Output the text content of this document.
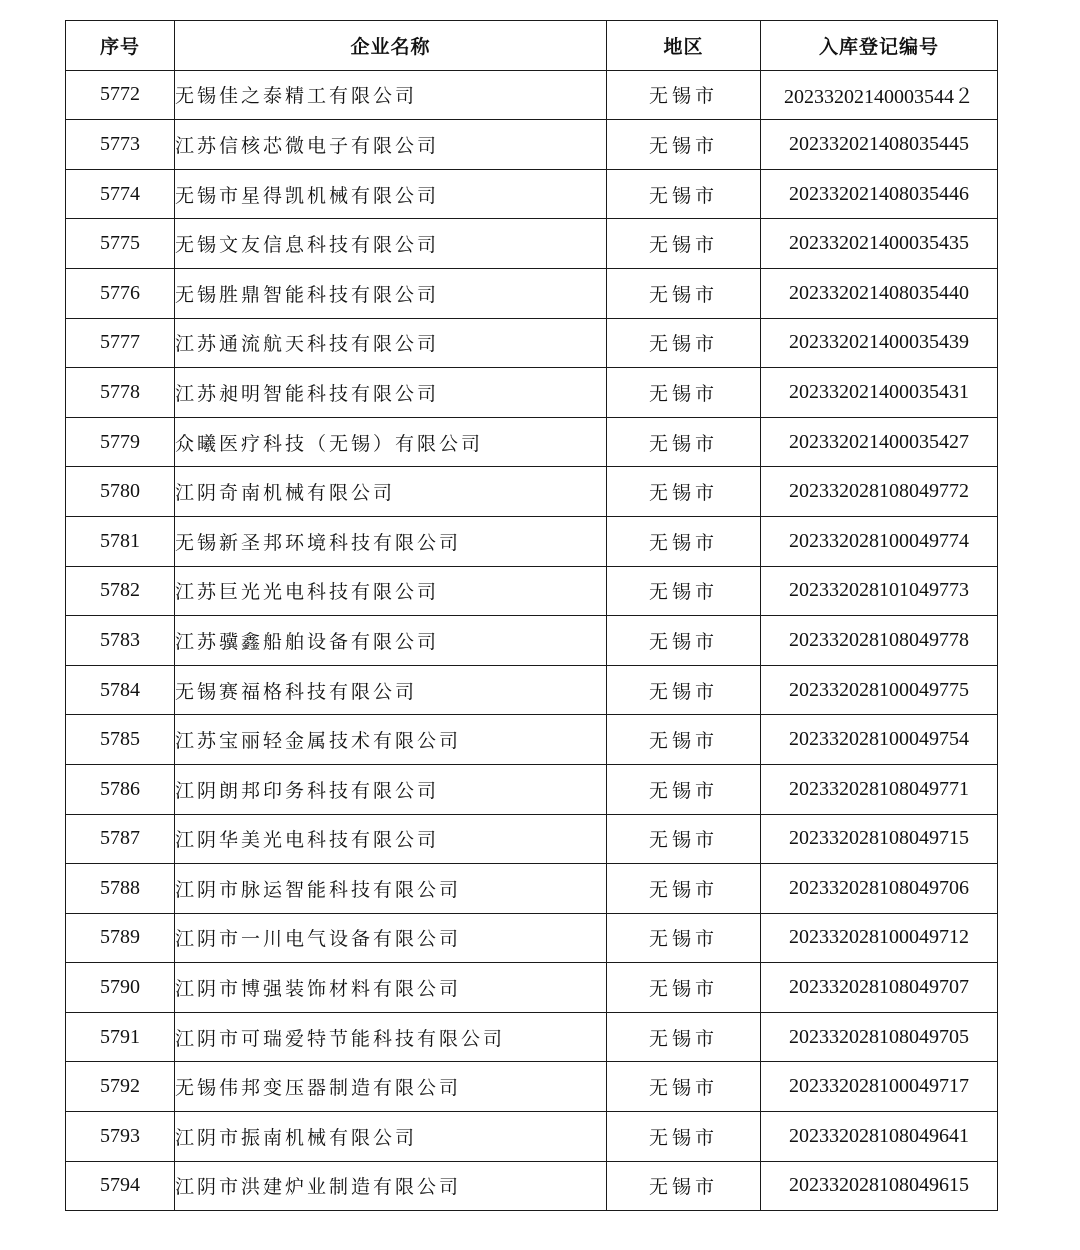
序号	企业名称	地区	入库登记编号
5772	无锡佳之泰精工有限公司	无锡市	20233202140003544２
5773	江苏信核芯微电子有限公司	无锡市	202332021408035445
5774	无锡市星得凯机械有限公司	无锡市	202332021408035446
5775	无锡文友信息科技有限公司	无锡市	202332021400035435
5776	无锡胜鼎智能科技有限公司	无锡市	202332021408035440
5777	江苏通流航天科技有限公司	无锡市	202332021400035439
5778	江苏昶明智能科技有限公司	无锡市	202332021400035431
5779	众曦医疗科技（无锡）有限公司	无锡市	202332021400035427
5780	江阴奇南机械有限公司	无锡市	202332028108049772
5781	无锡新圣邦环境科技有限公司	无锡市	202332028100049774
5782	江苏巨光光电科技有限公司	无锡市	202332028101049773
5783	江苏骥鑫船舶设备有限公司	无锡市	202332028108049778
5784	无锡赛福格科技有限公司	无锡市	202332028100049775
5785	江苏宝丽轻金属技术有限公司	无锡市	202332028100049754
5786	江阴朗邦印务科技有限公司	无锡市	202332028108049771
5787	江阴华美光电科技有限公司	无锡市	202332028108049715
5788	江阴市脉运智能科技有限公司	无锡市	202332028108049706
5789	江阴市一川电气设备有限公司	无锡市	202332028100049712
5790	江阴市博强装饰材料有限公司	无锡市	202332028108049707
5791	江阴市可瑞爱特节能科技有限公司	无锡市	202332028108049705
5792	无锡伟邦变压器制造有限公司	无锡市	202332028100049717
5793	江阴市振南机械有限公司	无锡市	202332028108049641
5794	江阴市洪建炉业制造有限公司	无锡市	202332028108049615
